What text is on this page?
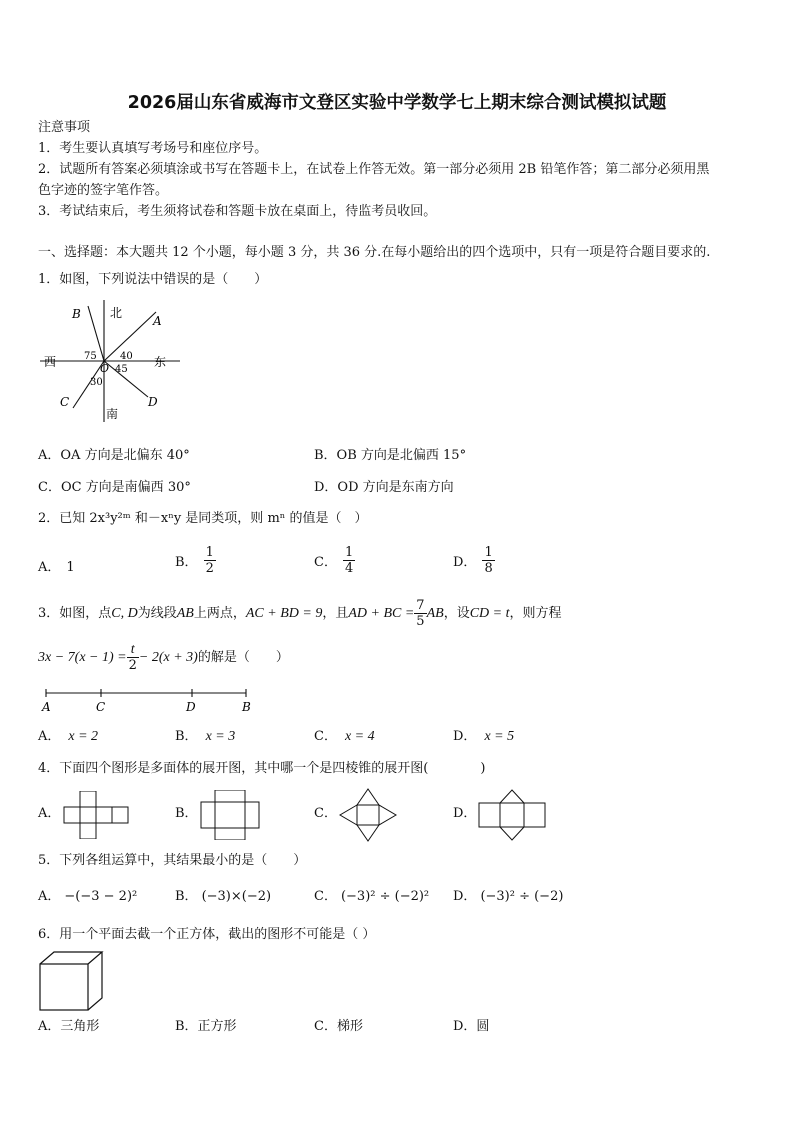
2026届山东省威海市文登区实验中学数学七上期末综合测试模拟试题
注意事项
1．考生要认真填写考场号和座位序号。
2．试题所有答案必须填涂或书写在答题卡上，在试卷上作答无效。第一部分必须用 2B 铅笔作答；第二部分必须用黑
色字迹的签字笔作答。
3．考试结束后，考生须将试卷和答题卡放在桌面上，待监考员收回。
一、选择题：本大题共 12 个小题，每小题 3 分，共 36 分.在每小题给出的四个选项中，只有一项是符合题目要求的.
1．如图，下列说法中错误的是（　　）
北
南
西	东
A
B
C	D
O
75 40
45
30
A．OA 方向是北偏东 40°	B．OB 方向是北偏西 15°
C．OC 方向是南偏西 30°	D．OD 方向是东南方向
2．已知 2x³y²ᵐ 和－xⁿy 是同类项，则 mⁿ 的值是（　）
A． 1	B． $\frac{1}{2}$	C． $\frac{1}{4}$	D． $\frac{1}{8}$
3．如图，点C, D为线段AB上两点，AC + BD = 9，且AD + BC = $\frac{7}{5}$ AB，设CD = t，则方程
$3x - 7(x - 1) = \frac{t}{2} - 2(x + 3)$的解是（　　）
A	C	D	B
A． x = 2	B． x = 3	C． x = 4	D． x = 5
4．下面四个图形是多面体的展开图，其中哪一个是四棱锥的展开图(　　　　)
A．	B．	C．	D．
5．下列各组运算中，其结果最小的是（　　）
A． −(−3 − 2)²	B． (−3)×(−2)	C． (−3)² ÷ (−2)² D． (−3)² ÷ (−2)
6．用一个平面去截一个正方体，截出的图形不可能是（ ）
A．三角形	B．正方形	C．梯形	D．圆
